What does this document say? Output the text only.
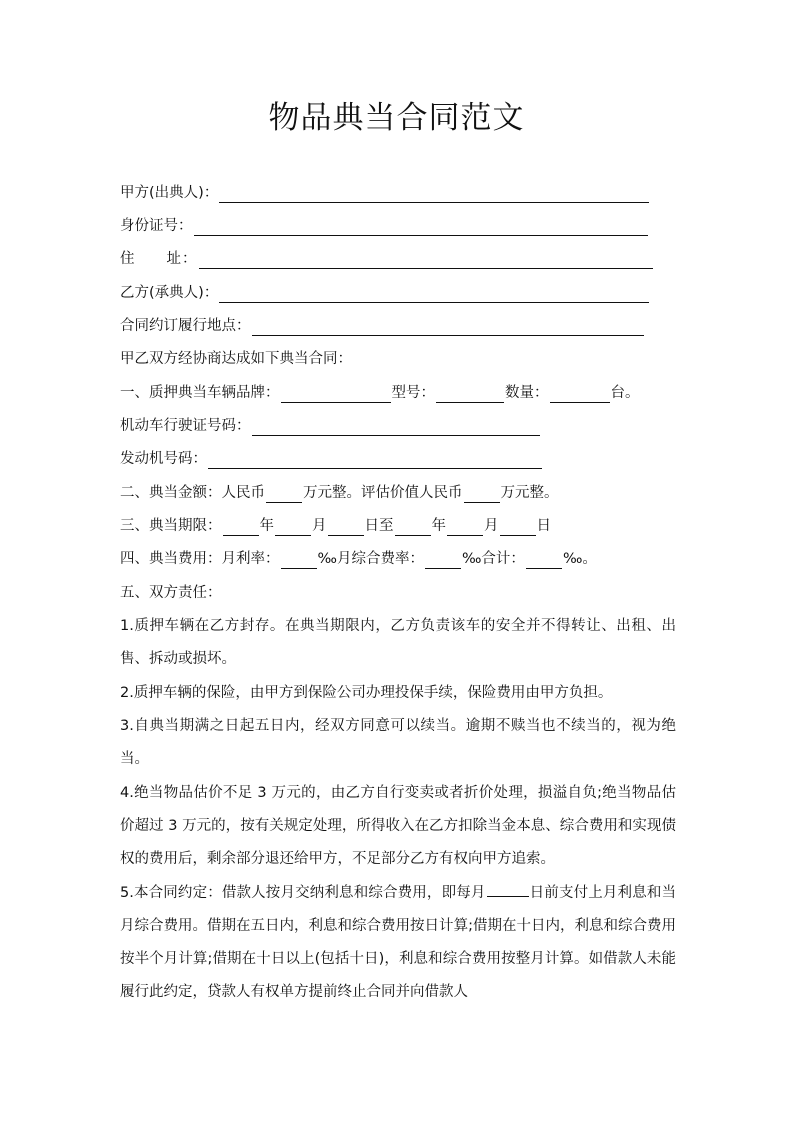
物品典当合同范文
甲方(出典人)：
身份证号：
住　　址：
乙方(承典人)：
合同约订履行地点：
甲乙双方经协商达成如下典当合同：
一、质押典当车辆品牌：	型号：	数量：	台。
机动车行驶证号码：
发动机号码：
二、典当金额：人民币	万元整。评估价值人民币	万元整。
三、典当期限：	年	月	日至	年	月	日
四、典当费用：月利率：	‰月综合费率：	‰合计：	‰。
五、双方责任：
1.质押车辆在乙方封存。在典当期限内，乙方负责该车的安全并不得转让、出租、出售、拆动或损坏。
2.质押车辆的保险，由甲方到保险公司办理投保手续，保险费用由甲方负担。
3.自典当期满之日起五日内，经双方同意可以续当。逾期不赎当也不续当的，视为绝当。
4.绝当物品估价不足 3 万元的，由乙方自行变卖或者折价处理，损溢自负;绝当物品估价超过 3 万元的，按有关规定处理，所得收入在乙方扣除当金本息、综合费用和实现债权的费用后，剩余部分退还给甲方，不足部分乙方有权向甲方追索。
5.本合同约定：借款人按月交纳利息和综合费用，即每月	日前支付上月利息和当月综合费用。借期在五日内，利息和综合费用按日计算;借期在十日内，利息和综合费用按半个月计算;借期在十日以上(包括十日)，利息和综合费用按整月计算。如借款人未能履行此约定，贷款人有权单方提前终止合同并向借款人
